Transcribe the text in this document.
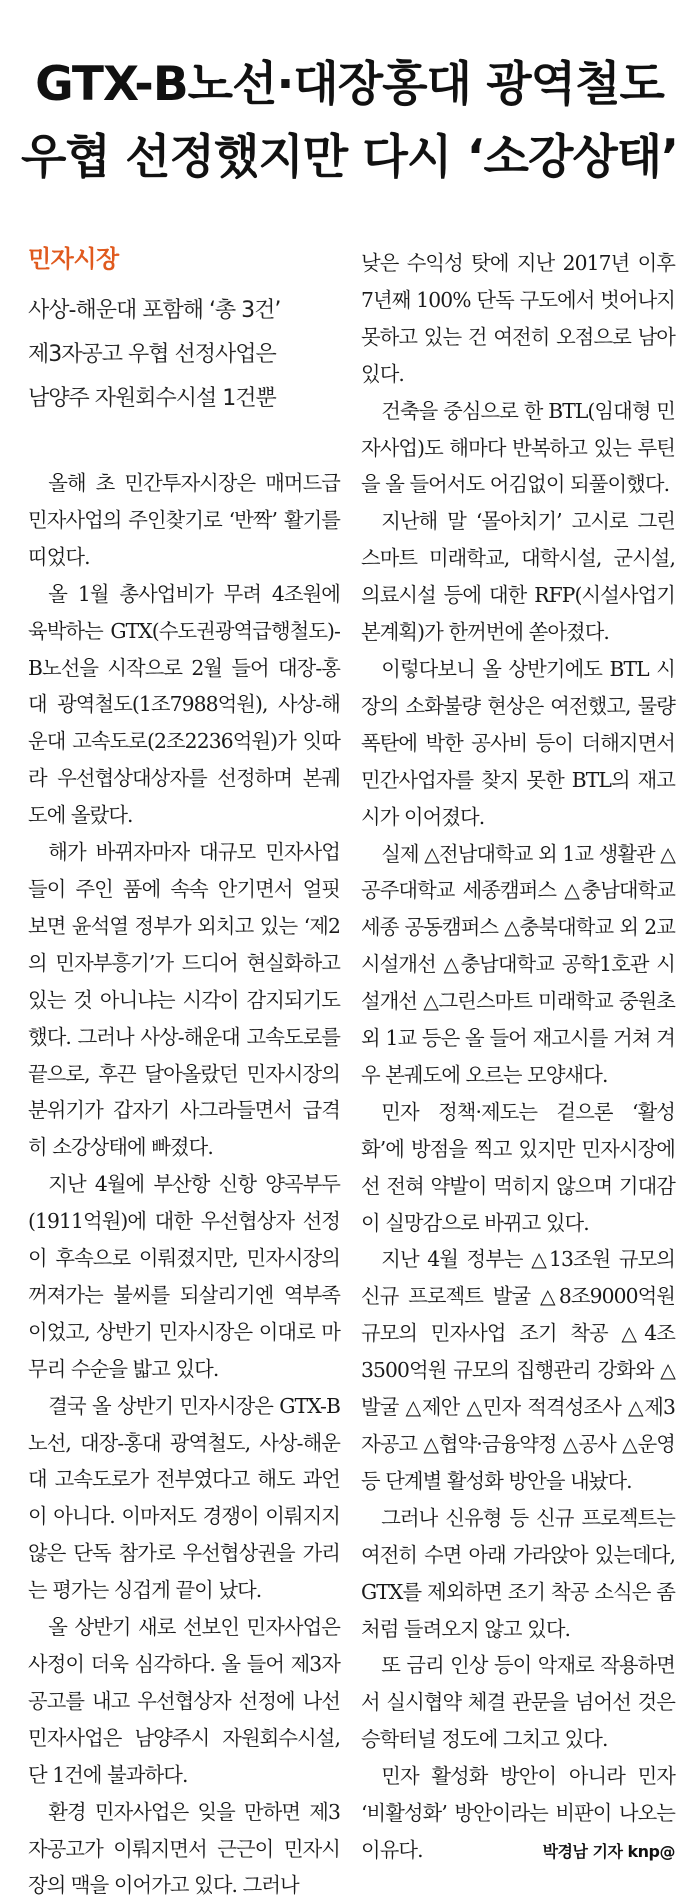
GTX-B노선·대장홍대 광역철도
우협 선정했지만 다시 ‘소강상태’
민자시장
사상-해운대 포함해 ‘총 3건’
제3자공고 우협 선정사업은
남양주 자원회수시설 1건뿐

올해 초 민간투자시장은 매머드급 민자사업의 주인찾기로 ‘반짝’ 활기를 띠었다.

올 1월 총사업비가 무려 4조원에 육박하는 GTX(수도권광역급행철도)-B노선을 시작으로 2월 들어 대장-홍대 광역철도(1조7988억원), 사상-해운대 고속도로(2조2236억원)가 잇따라 우선협상대상자를 선정하며 본궤도에 올랐다.

해가 바뀌자마자 대규모 민자사업들이 주인 품에 속속 안기면서 얼핏 보면 윤석열 정부가 외치고 있는 ‘제2의 민자부흥기’가 드디어 현실화하고 있는 것 아니냐는 시각이 감지되기도 했다. 그러나 사상-해운대 고속도로를 끝으로, 후끈 달아올랐던 민자시장의 분위기가 갑자기 사그라들면서 급격히 소강상태에 빠졌다.

지난 4월에 부산항 신항 양곡부두(1911억원)에 대한 우선협상자 선정이 후속으로 이뤄졌지만, 민자시장의 꺼져가는 불씨를 되살리기엔 역부족이었고, 상반기 민자시장은 이대로 마무리 수순을 밟고 있다.

결국 올 상반기 민자시장은 GTX-B노선, 대장-홍대 광역철도, 사상-해운대 고속도로가 전부였다고 해도 과언이 아니다. 이마저도 경쟁이 이뤄지지 않은 단독 참가로 우선협상권을 가리는 평가는 싱겁게 끝이 났다.

올 상반기 새로 선보인 민자사업은 사정이 더욱 심각하다. 올 들어 제3자공고를 내고 우선협상자 선정에 나선 민자사업은 남양주시 자원회수시설, 단 1건에 불과하다.

환경 민자사업은 잊을 만하면 제3자공고가 이뤄지면서 근근이 민자시장의 맥을 이어가고 있다. 그러나

낮은 수익성 탓에 지난 2017년 이후 7년째 100% 단독 구도에서 벗어나지 못하고 있는 건 여전히 오점으로 남아 있다.

건축을 중심으로 한 BTL(임대형 민자사업)도 해마다 반복하고 있는 루틴을 올 들어서도 어김없이 되풀이했다.

지난해 말 ‘몰아치기’ 고시로 그린스마트 미래학교, 대학시설, 군시설, 의료시설 등에 대한 RFP(시설사업기본계획)가 한꺼번에 쏟아졌다.

이렇다보니 올 상반기에도 BTL 시장의 소화불량 현상은 여전했고, 물량 폭탄에 박한 공사비 등이 더해지면서 민간사업자를 찾지 못한 BTL의 재고시가 이어졌다.

실제 △전남대학교 외 1교 생활관 △공주대학교 세종캠퍼스 △충남대학교 세종 공동캠퍼스 △충북대학교 외 2교 시설개선 △충남대학교 공학1호관 시설개선 △그린스마트 미래학교 중원초 외 1교 등은 올 들어 재고시를 거쳐 겨우 본궤도에 오르는 모양새다.

민자 정책·제도는 겉으론 ‘활성화’에 방점을 찍고 있지만 민자시장에선 전혀 약발이 먹히지 않으며 기대감이 실망감으로 바뀌고 있다.

지난 4월 정부는 △13조원 규모의 신규 프로젝트 발굴 △8조9000억원 규모의 민자사업 조기 착공 △4조3500억원 규모의 집행관리 강화와 △발굴 △제안 △민자 적격성조사 △제3자공고 △협약·금융약정 △공사 △운영 등 단계별 활성화 방안을 내놨다.

그러나 신유형 등 신규 프로젝트는 여전히 수면 아래 가라앉아 있는데다, GTX를 제외하면 조기 착공 소식은 좀처럼 들려오지 않고 있다.

또 금리 인상 등이 악재로 작용하면서 실시협약 체결 관문을 넘어선 것은 승학터널 정도에 그치고 있다.

민자 활성화 방안이 아니라 민자 ‘비활성화’ 방안이라는 비판이 나오는 이유다.	박경남 기자 knp@
